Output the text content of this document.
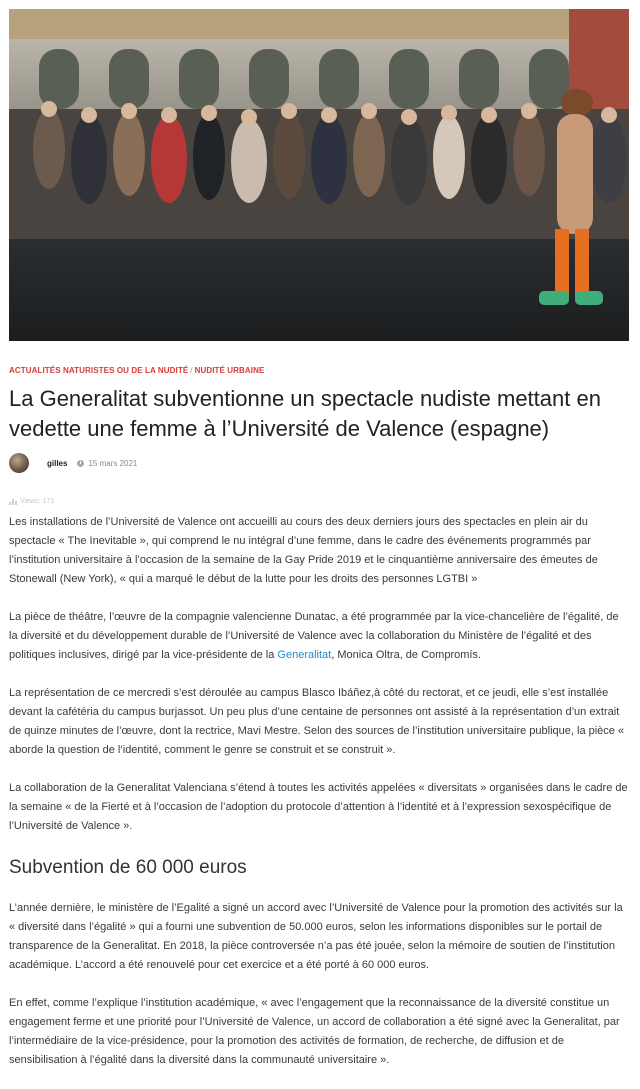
ACTUALITÉS NATURISTES OU DE LA NUDITÉ / NUDITÉ URBAINE
La Generalitat subventionne un spectacle nudiste mettant en vedette une femme à l’Université de Valence (espagne)
gilles	15 mars 2021
Views: 171

Les installations de l’Université de Valence ont accueilli au cours des deux derniers jours des spectacles en plein air du spectacle « The Inevitable », qui comprend le nu intégral d’une femme, dans le cadre des événements programmés par l’institution universitaire à l’occasion de la semaine de la Gay Pride 2019 et le cinquantième anniversaire des émeutes de Stonewall (New York), « qui a marqué le début de la lutte pour les droits des personnes LGTBI »

La pièce de théâtre, l’œuvre de la compagnie valencienne Dunatac, a été programmée par la vice-chancelière de l’égalité, de la diversité et du développement durable de l’Université de Valence avec la collaboration du Ministère de l’égalité et des politiques inclusives, dirigé par la vice-présidente de la Generalitat, Monica Oltra, de Compromís.

La représentation de ce mercredi s’est déroulée au campus Blasco Ibáñez,à côté du rectorat, et ce jeudi, elle s’est installée devant la cafétéria du campus burjassot. Un peu plus d’une centaine de personnes ont assisté à la représentation d’un extrait de quinze minutes de l’œuvre, dont la rectrice, Mavi Mestre. Selon des sources de l’institution universitaire publique, la pièce « aborde la question de l’identité, comment le genre se construit et se construit ».

La collaboration de la Generalitat Valenciana s’étend à toutes les activités appelées « diversitats » organisées dans le cadre de la semaine « de la Fierté et à l’occasion de l’adoption du protocole d’attention à l’identité et à l’expression sexospécifique de l’Université de Valence ».

Subvention de 60 000 euros

L’année dernière, le ministère de l’Egalité a signé un accord avec l’Université de Valence pour la promotion des activités sur la « diversité dans l’égalité » qui a fourni une subvention de 50.000 euros, selon les informations disponibles sur le portail de transparence de la Generalitat. En 2018, la pièce controversée n’a pas été jouée, selon la mémoire de soutien de l’institution académique. L’accord a été renouvelé pour cet exercice et a été porté à 60 000 euros.

En effet, comme l’explique l’institution académique, « avec l’engagement que la reconnaissance de la diversité constitue un engagement ferme et une priorité pour l’Université de Valence, un accord de collaboration a été signé avec la Generalitat, par l’intermédiaire de la vice-présidence, pour la promotion des activités de formation, de recherche, de diffusion et de sensibilisation à l’égalité dans la diversité dans la communauté universitaire ».
